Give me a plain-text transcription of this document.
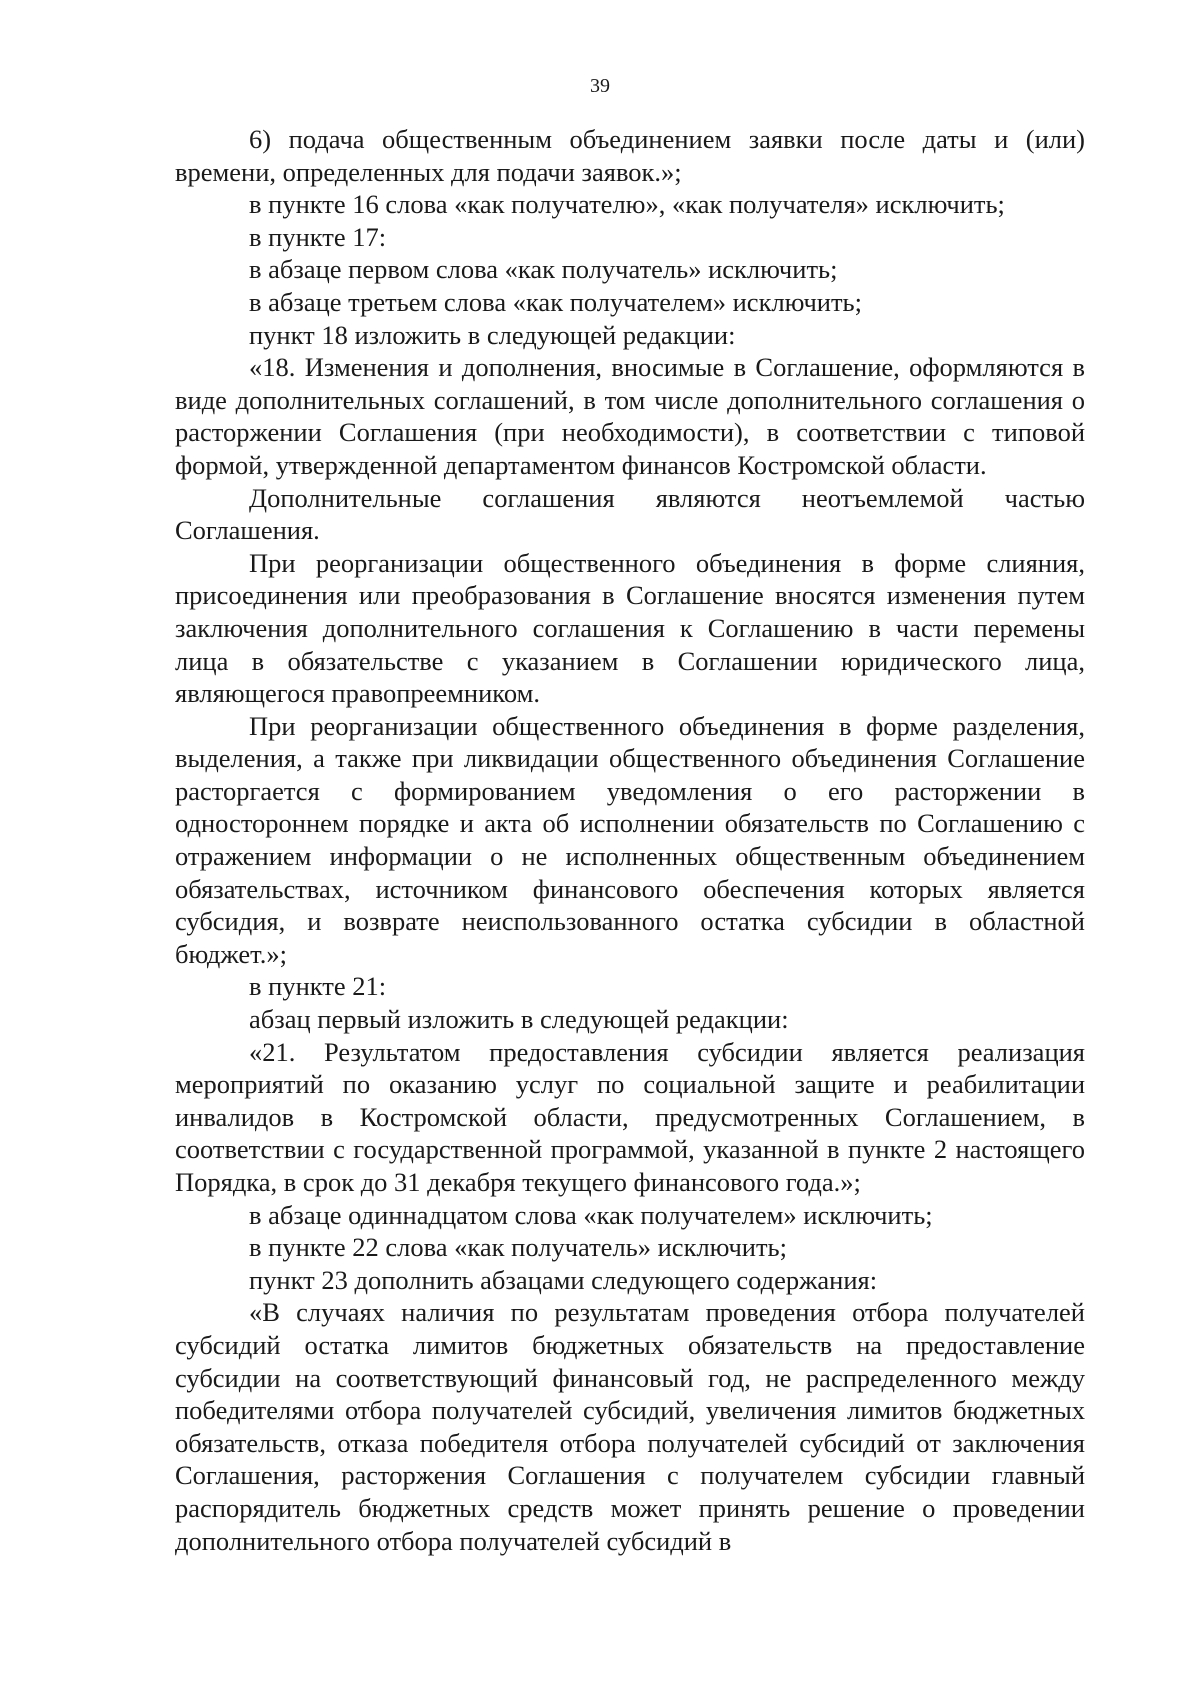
39

6) подача общественным объединением заявки после даты и (или) времени, определенных для подачи заявок.»;

в пункте 16 слова «как получателю», «как получателя» исключить;

в пункте 17:

в абзаце первом слова «как получатель» исключить;

в абзаце третьем слова «как получателем» исключить;

пункт 18 изложить в следующей редакции:

«18. Изменения и дополнения, вносимые в Соглашение, оформляются в виде дополнительных соглашений, в том числе дополнительного соглашения о расторжении Соглашения (при необходимости), в соответствии с типовой формой, утвержденной департаментом финансов Костромской области.

Дополнительные соглашения являются неотъемлемой частью Соглашения.

При реорганизации общественного объединения в форме слияния, присоединения или преобразования в Соглашение вносятся изменения путем заключения дополнительного соглашения к Соглашению в части перемены лица в обязательстве с указанием в Соглашении юридического лица, являющегося правопреемником.

При реорганизации общественного объединения в форме разделения, выделения, а также при ликвидации общественного объединения Соглашение расторгается с формированием уведомления о его расторжении в одностороннем порядке и акта об исполнении обязательств по Соглашению с отражением информации о не исполненных общественным объединением обязательствах, источником финансового обеспечения которых является субсидия, и возврате неиспользованного остатка субсидии в областной бюджет.»;

в пункте 21:

абзац первый изложить в следующей редакции:

«21. Результатом предоставления субсидии является реализация мероприятий по оказанию услуг по социальной защите и реабилитации инвалидов в Костромской области, предусмотренных Соглашением, в соответствии с государственной программой, указанной в пункте 2 настоящего Порядка, в срок до 31 декабря текущего финансового года.»;

в абзаце одиннадцатом слова «как получателем» исключить;

в пункте 22 слова «как получатель» исключить;

пункт 23 дополнить абзацами следующего содержания:

«В случаях наличия по результатам проведения отбора получателей субсидий остатка лимитов бюджетных обязательств на предоставление субсидии на соответствующий финансовый год, не распределенного между победителями отбора получателей субсидий, увеличения лимитов бюджетных обязательств, отказа победителя отбора получателей субсидий от заключения Соглашения, расторжения Соглашения с получателем субсидии главный распорядитель бюджетных средств может принять решение о проведении дополнительного отбора получателей субсидий в
